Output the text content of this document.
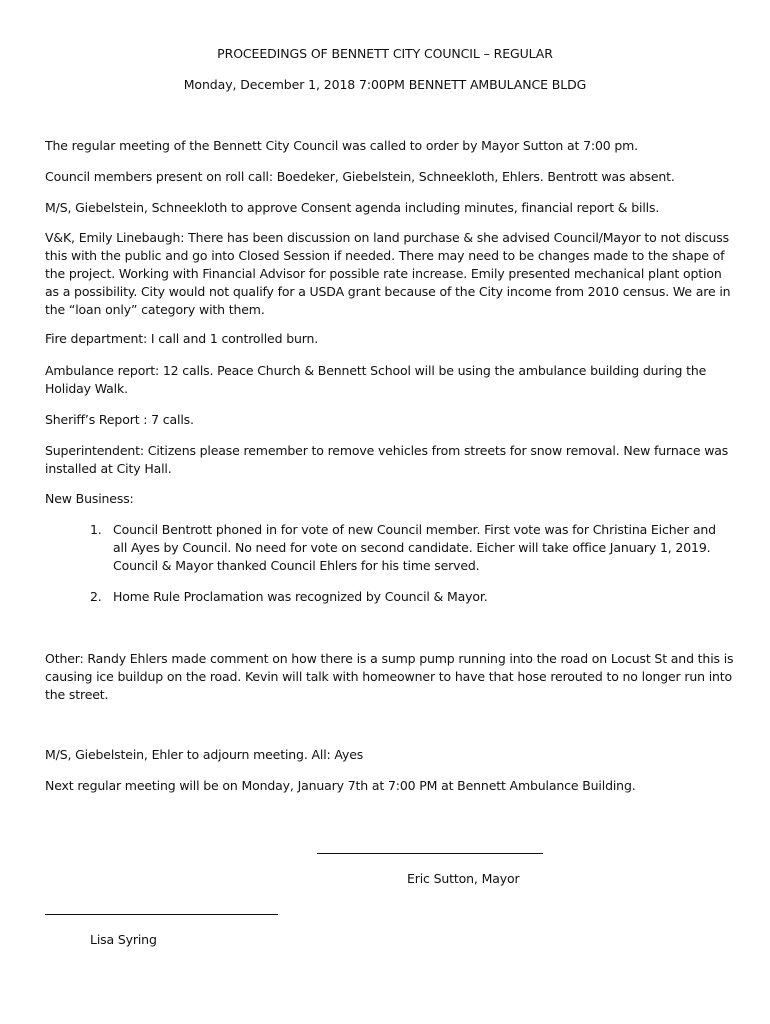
PROCEEDINGS OF BENNETT CITY COUNCIL – REGULAR
Monday, December 1, 2018 7:00PM BENNETT AMBULANCE BLDG

The regular meeting of the Bennett City Council was called to order by Mayor Sutton at 7:00 pm.

Council members present on roll call: Boedeker, Giebelstein, Schneekloth, Ehlers. Bentrott was absent.

M/S, Giebelstein, Schneekloth to approve Consent agenda including minutes, financial report & bills.

V&K, Emily Linebaugh: There has been discussion on land purchase & she advised Council/Mayor to not discuss this with the public and go into Closed Session if needed. There may need to be changes made to the shape of the project. Working with Financial Advisor for possible rate increase. Emily presented mechanical plant option as a possibility. City would not qualify for a USDA grant because of the City income from 2010 census. We are in the “loan only” category with them.

Fire department: I call and 1 controlled burn.

Ambulance report: 12 calls. Peace Church & Bennett School will be using the ambulance building during the Holiday Walk.

Sheriff’s Report : 7 calls.

Superintendent: Citizens please remember to remove vehicles from streets for snow removal. New furnace was installed at City Hall.

New Business:

1. Council Bentrott phoned in for vote of new Council member. First vote was for Christina Eicher and all Ayes by Council. No need for vote on second candidate. Eicher will take office January 1, 2019. Council & Mayor thanked Council Ehlers for his time served.
2. Home Rule Proclamation was recognized by Council & Mayor.

Other: Randy Ehlers made comment on how there is a sump pump running into the road on Locust St and this is causing ice buildup on the road. Kevin will talk with homeowner to have that hose rerouted to no longer run into the street.

M/S, Giebelstein, Ehler to adjourn meeting. All: Ayes

Next regular meeting will be on Monday, January 7th at 7:00 PM at Bennett Ambulance Building.

Eric Sutton, Mayor
Lisa Syring
